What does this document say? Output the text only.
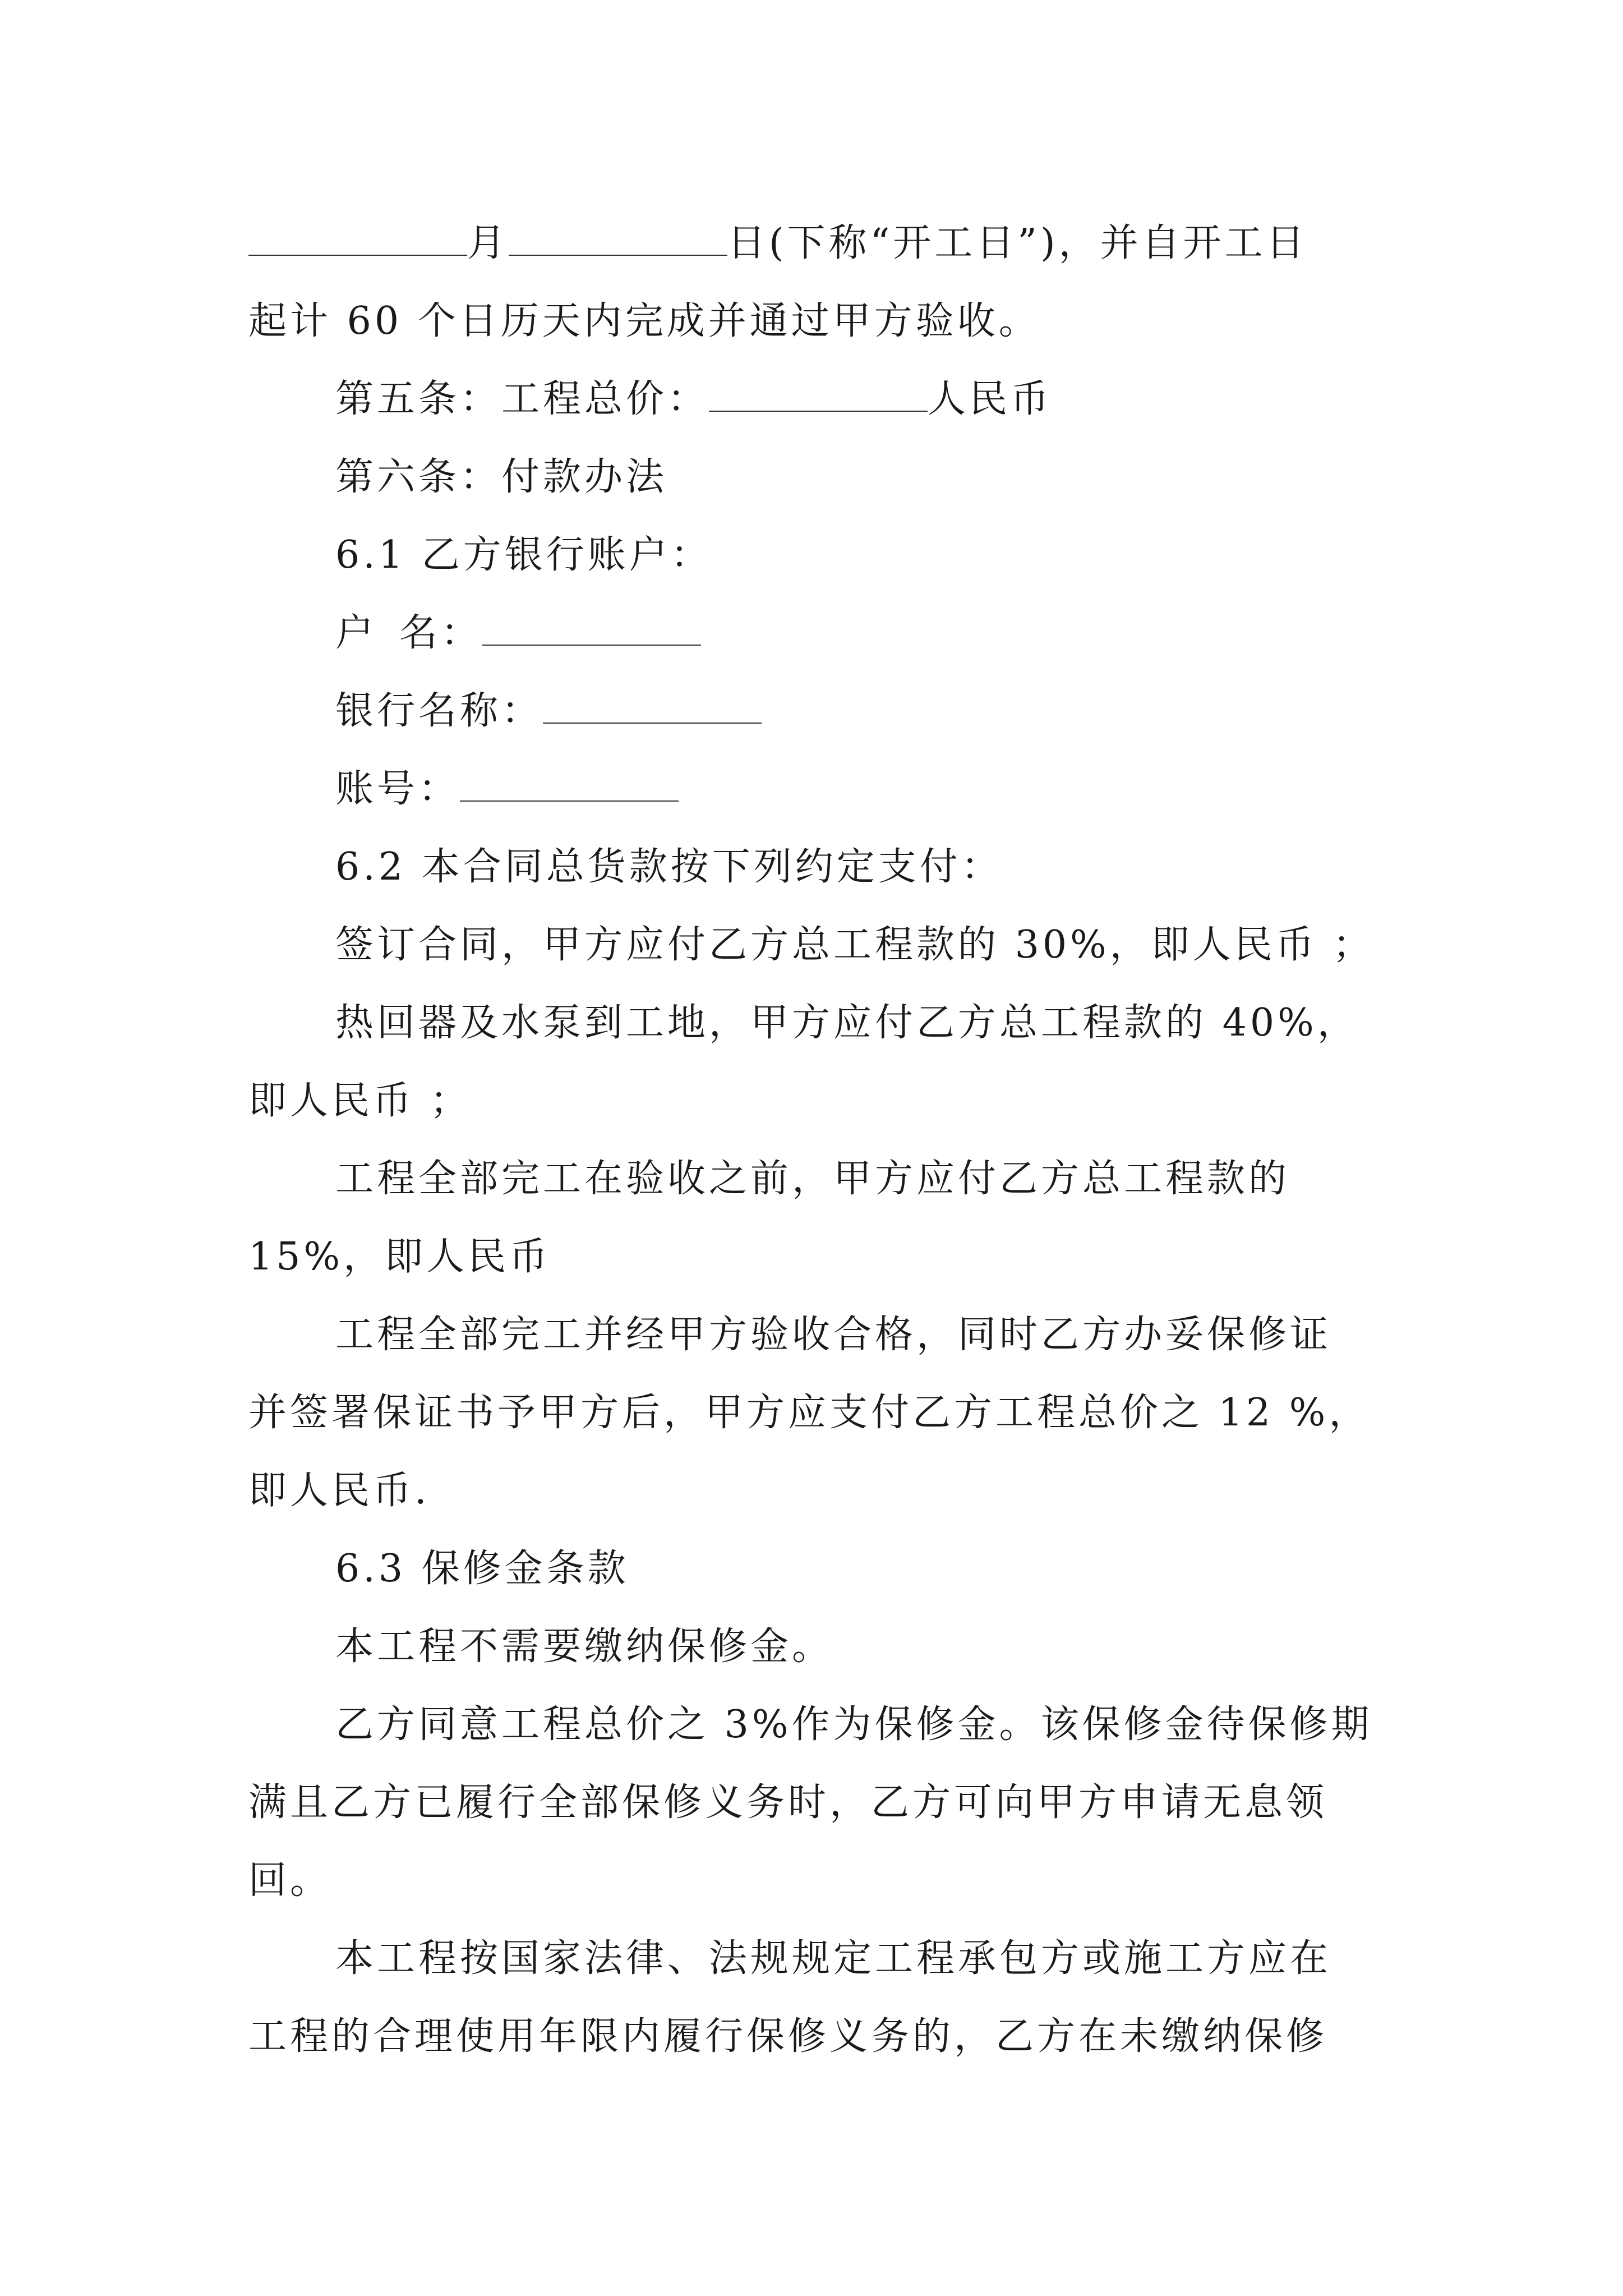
月	日(下称“开工日”)，并自开工日
起计 60 个日历天内完成并通过甲方验收。
第五条：工程总价：	人民币
第六条：付款办法
6.1 乙方银行账户：
户 名：
银行名称：
账号：
6.2 本合同总货款按下列约定支付：
签订合同，甲方应付乙方总工程款的 30%，即人民币 ；
热回器及水泵到工地，甲方应付乙方总工程款的 40%，
即人民币 ；
工程全部完工在验收之前，甲方应付乙方总工程款的
15%，即人民币
工程全部完工并经甲方验收合格，同时乙方办妥保修证
并签署保证书予甲方后，甲方应支付乙方工程总价之 12 %，
即人民币.
6.3 保修金条款
本工程不需要缴纳保修金。
乙方同意工程总价之 3%作为保修金。该保修金待保修期
满且乙方已履行全部保修义务时，乙方可向甲方申请无息领
回。
本工程按国家法律、法规规定工程承包方或施工方应在
工程的合理使用年限内履行保修义务的，乙方在未缴纳保修
